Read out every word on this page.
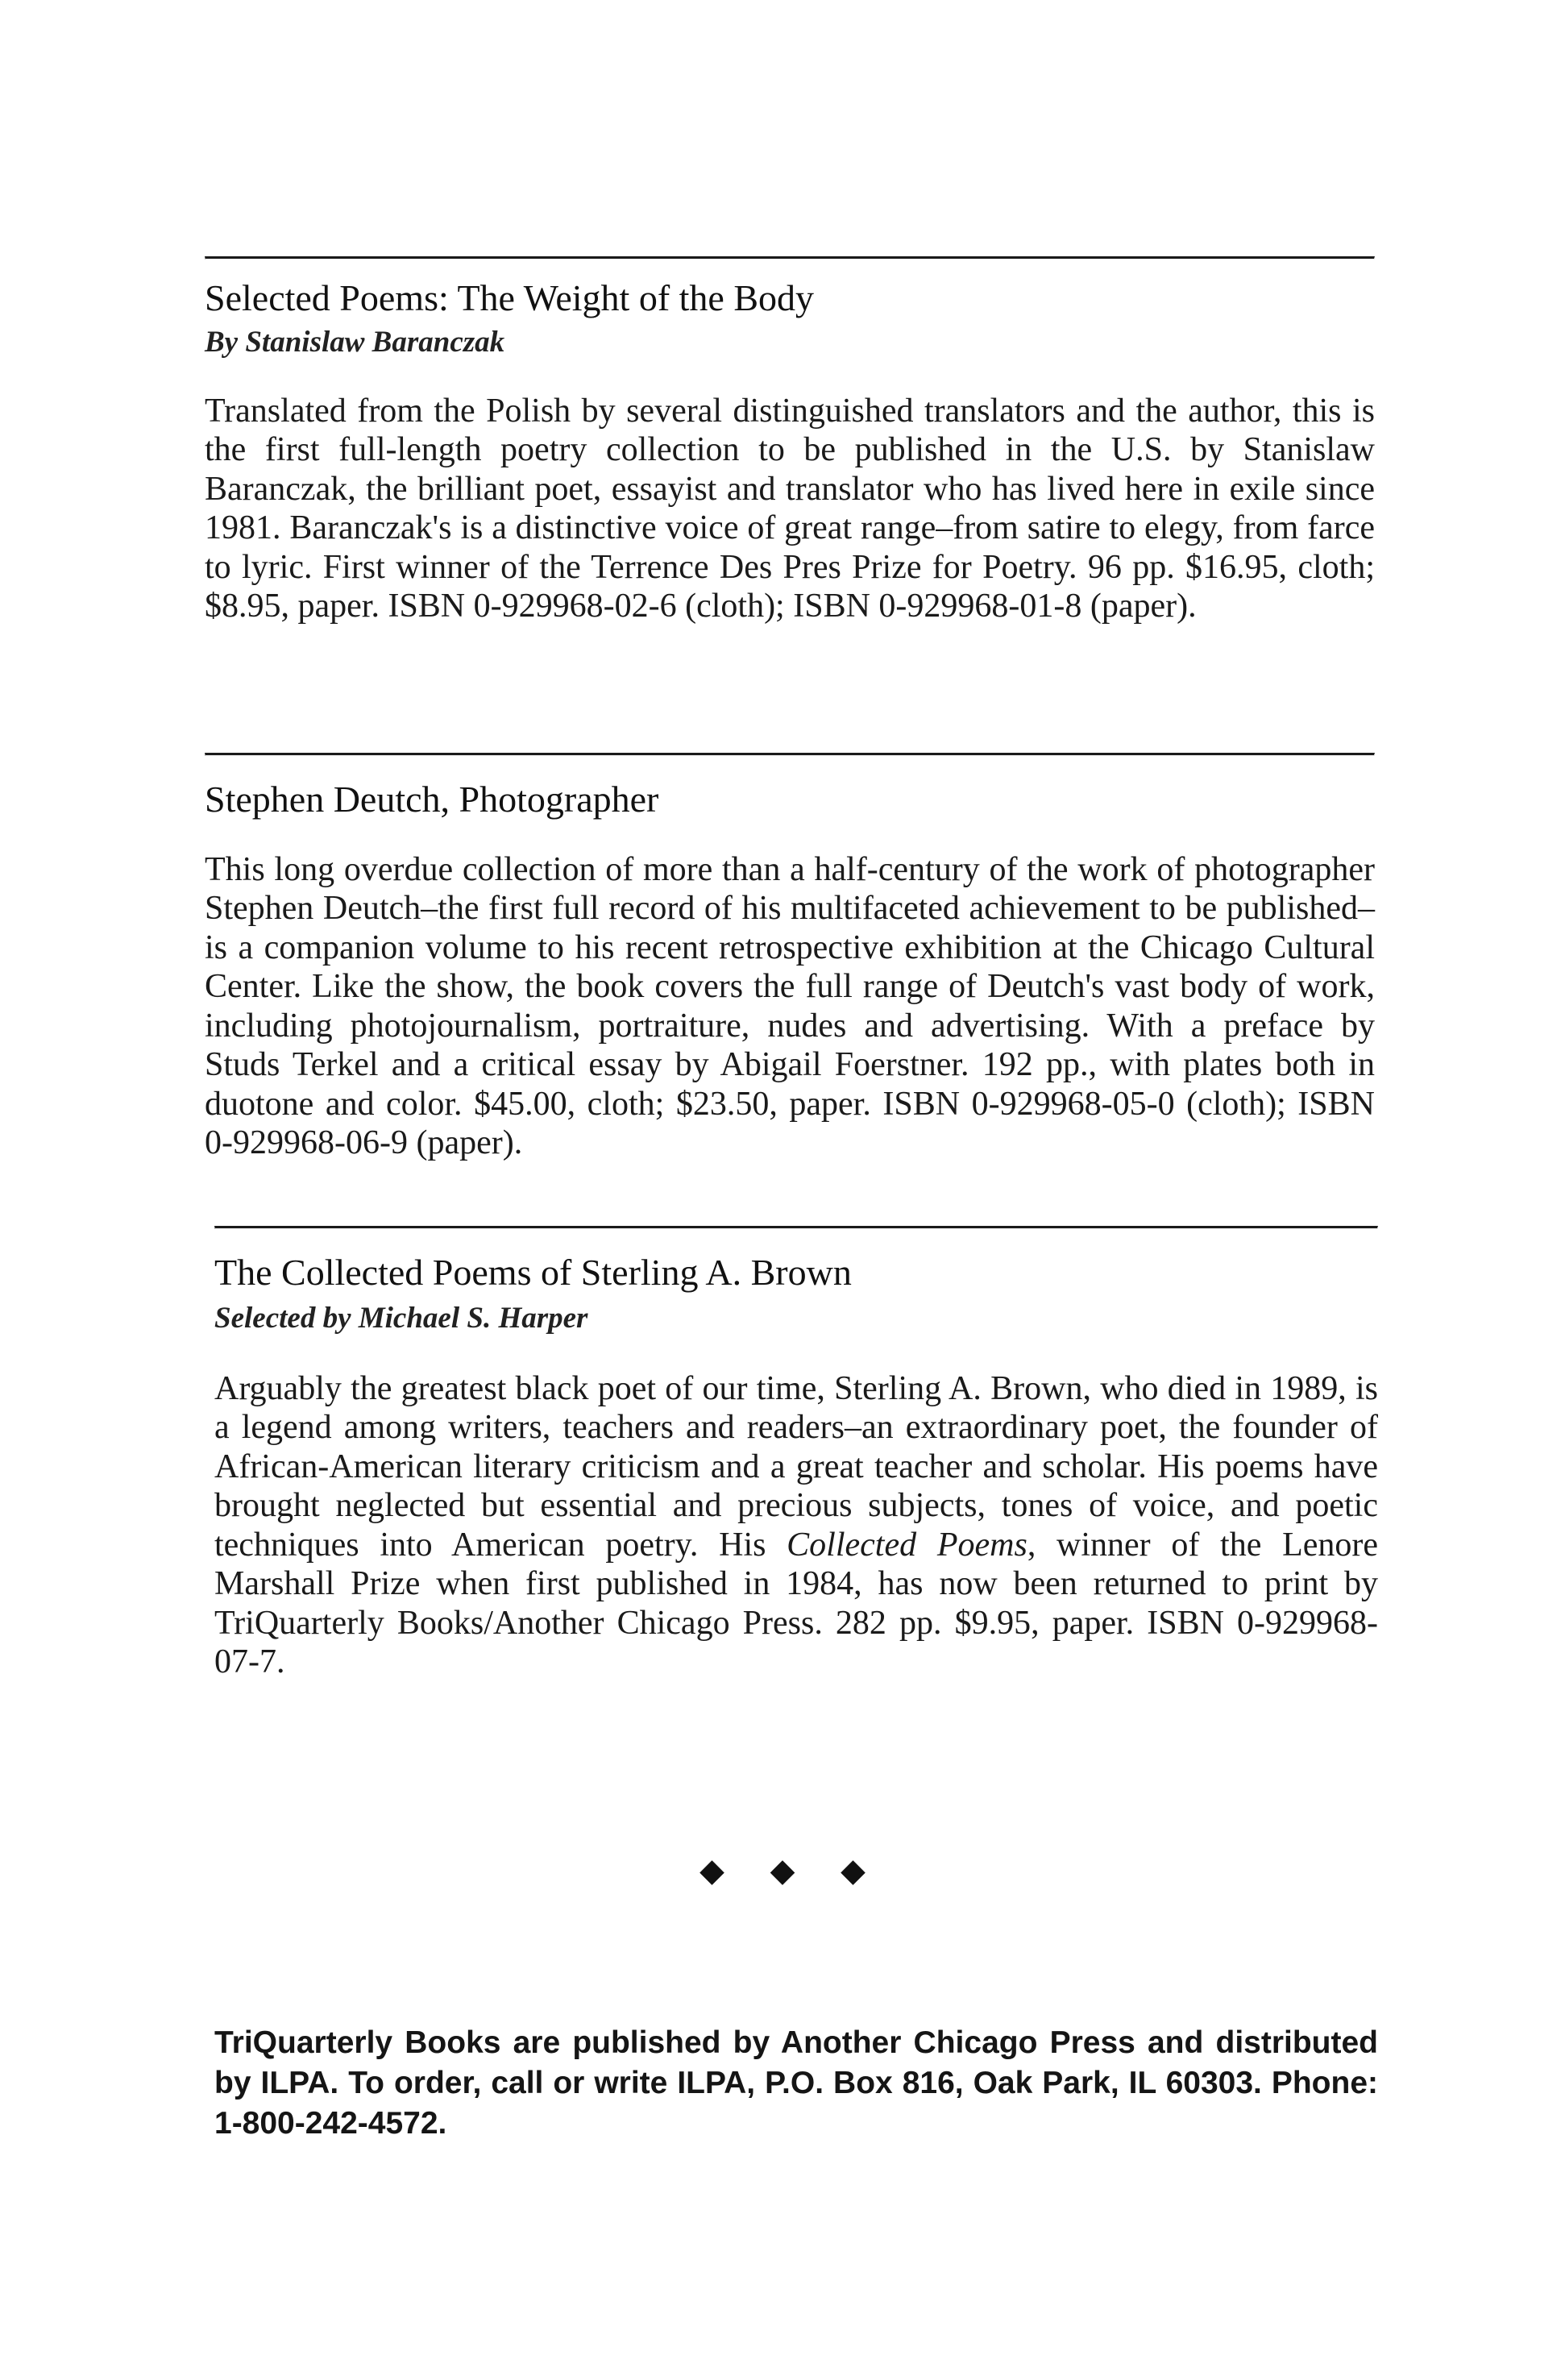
Selected Poems: The Weight of the Body

By Stanislaw Baranczak

Translated from the Polish by several distinguished translators and the author, this is the first full-length poetry collection to be published in the U.S. by Stanislaw Baranczak, the brilliant poet, essayist and translator who has lived here in exile since 1981. Baranczak's is a distinctive voice of great range–from satire to elegy, from farce to lyric. First winner of the Terrence Des Pres Prize for Poetry. 96 pp. $16.95, cloth; $8.95, paper. ISBN 0-929968-02-6 (cloth); ISBN 0-929968-01-8 (paper).

Stephen Deutch, Photographer

This long overdue collection of more than a half-century of the work of photographer Stephen Deutch–the first full record of his multifaceted achievement to be published–is a companion volume to his recent retrospective exhibition at the Chicago Cultural Center. Like the show, the book covers the full range of Deutch's vast body of work, including photojournalism, portraiture, nudes and advertising. With a preface by Studs Terkel and a critical essay by Abigail Foerstner. 192 pp., with plates both in duotone and color. $45.00, cloth; $23.50, paper. ISBN 0-929968-05-0 (cloth); ISBN 0-929968-06-9 (paper).

The Collected Poems of Sterling A. Brown

Selected by Michael S. Harper

Arguably the greatest black poet of our time, Sterling A. Brown, who died in 1989, is a legend among writers, teachers and readers–an extraordinary poet, the founder of African-American literary criticism and a great teacher and scholar. His poems have brought neglected but essential and precious subjects, tones of voice, and poetic techniques into American poetry. His Collected Poems, winner of the Lenore Marshall Prize when first published in 1984, has now been returned to print by TriQuarterly Books/Another Chicago Press. 282 pp. $9.95, paper. ISBN 0-929968-07-7.

◆ ◆ ◆

TriQuarterly Books are published by Another Chicago Press and distributed by ILPA. To order, call or write ILPA, P.O. Box 816, Oak Park, IL 60303. Phone: 1-800-242-4572.
